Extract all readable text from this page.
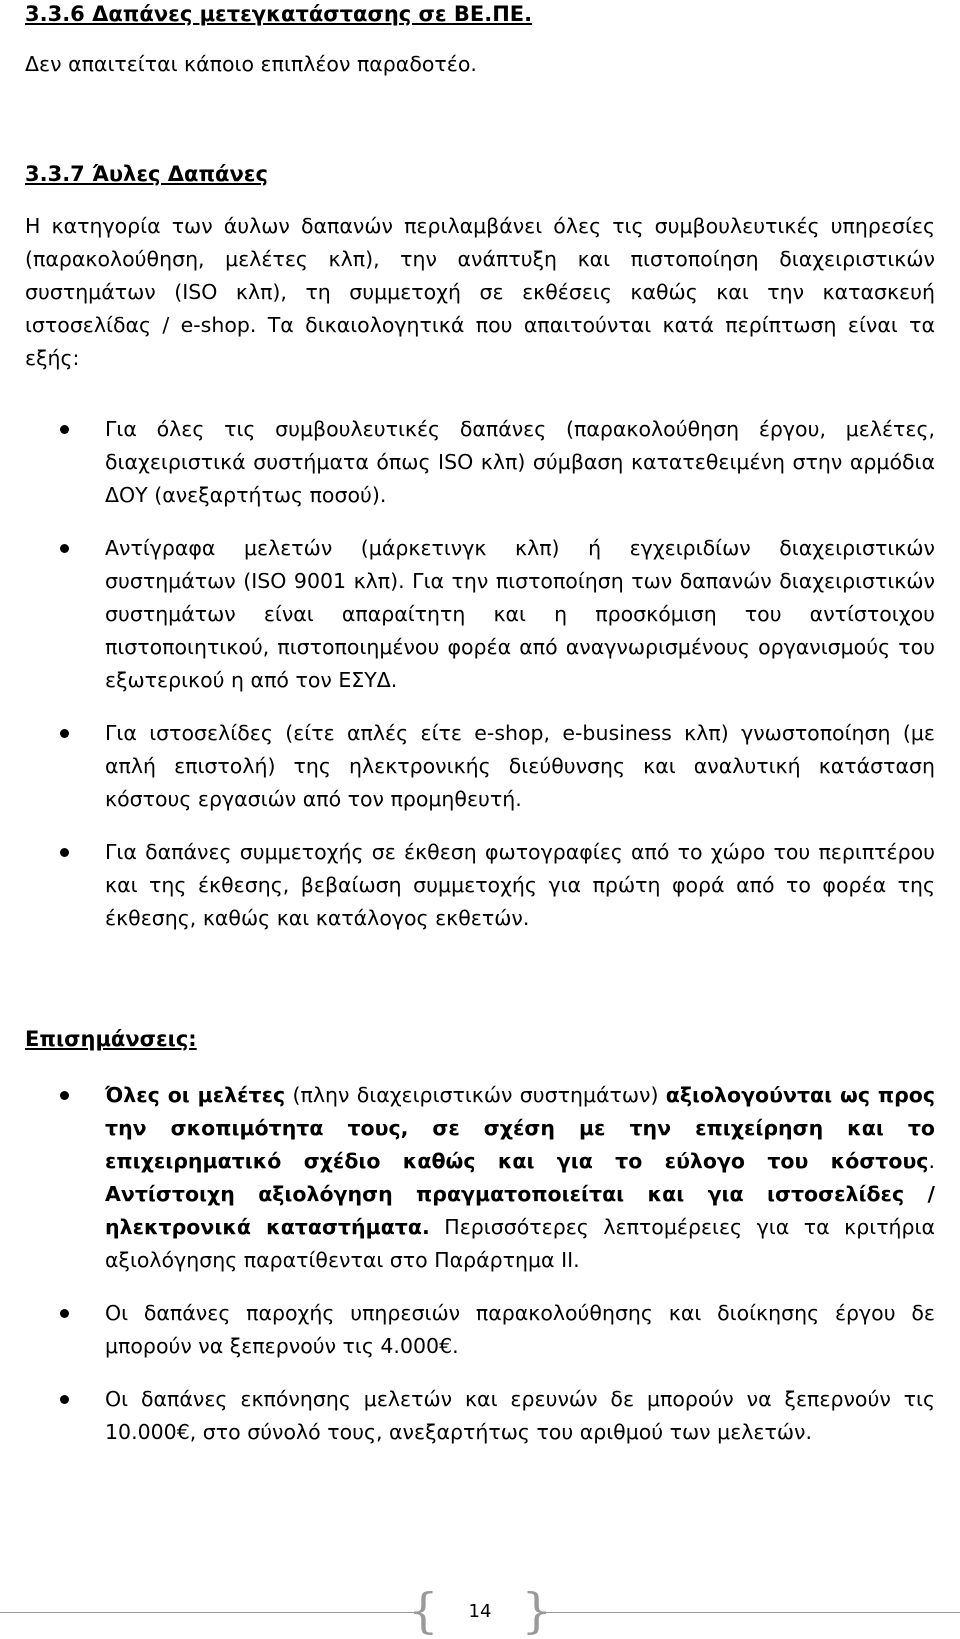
3.3.6 Δαπάνες μετεγκατάστασης σε ΒΕ.ΠΕ.

Δεν απαιτείται κάποιο επιπλέον παραδοτέο.

3.3.7 Άυλες Δαπάνες

Η κατηγορία των άυλων δαπανών περιλαμβάνει όλες τις συμβουλευτικές υπηρεσίες (παρακολούθηση, μελέτες κλπ), την ανάπτυξη και πιστοποίηση διαχειριστικών συστημάτων (ISO κλπ), τη συμμετοχή σε εκθέσεις καθώς και την κατασκευή ιστοσελίδας / e-shop. Τα δικαιολογητικά που απαιτούνται κατά περίπτωση είναι τα εξής:

Για όλες τις συμβουλευτικές δαπάνες (παρακολούθηση έργου, μελέτες, διαχειριστικά συστήματα όπως ISO κλπ) σύμβαση κατατεθειμένη στην αρμόδια ΔΟΥ (ανεξαρτήτως ποσού).
Αντίγραφα μελετών (μάρκετινγκ κλπ) ή εγχειριδίων διαχειριστικών συστημάτων (ISO 9001 κλπ). Για την πιστοποίηση των δαπανών διαχειριστικών συστημάτων είναι απαραίτητη και η προσκόμιση του αντίστοιχου πιστοποιητικού, πιστοποιημένου φορέα από αναγνωρισμένους οργανισμούς του εξωτερικού η από τον ΕΣΥΔ.
Για ιστοσελίδες (είτε απλές είτε e-shop, e-business κλπ) γνωστοποίηση (με απλή επιστολή) της ηλεκτρονικής διεύθυνσης και αναλυτική κατάσταση κόστους εργασιών από τον προμηθευτή.
Για δαπάνες συμμετοχής σε έκθεση φωτογραφίες από το χώρο του περιπτέρου και της έκθεσης, βεβαίωση συμμετοχής για πρώτη φορά από το φορέα της έκθεσης, καθώς και κατάλογος εκθετών.
Επισημάνσεις:
Όλες οι μελέτες (πλην διαχειριστικών συστημάτων) αξιολογούνται ως προς την σκοπιμότητα τους, σε σχέση με την επιχείρηση και το επιχειρηματικό σχέδιο καθώς και για το εύλογο του κόστους. Αντίστοιχη αξιολόγηση πραγματοποιείται και για ιστοσελίδες / ηλεκτρονικά καταστήματα. Περισσότερες λεπτομέρειες για τα κριτήρια αξιολόγησης παρατίθενται στο Παράρτημα ΙΙ.
Οι δαπάνες παροχής υπηρεσιών παρακολούθησης και διοίκησης έργου δε μπορούν να ξεπερνούν τις 4.000€.
Οι δαπάνες εκπόνησης μελετών και ερευνών δε μπορούν να ξεπερνούν τις 10.000€, στο σύνολό τους, ανεξαρτήτως του αριθμού των μελετών.
{ 14 }
